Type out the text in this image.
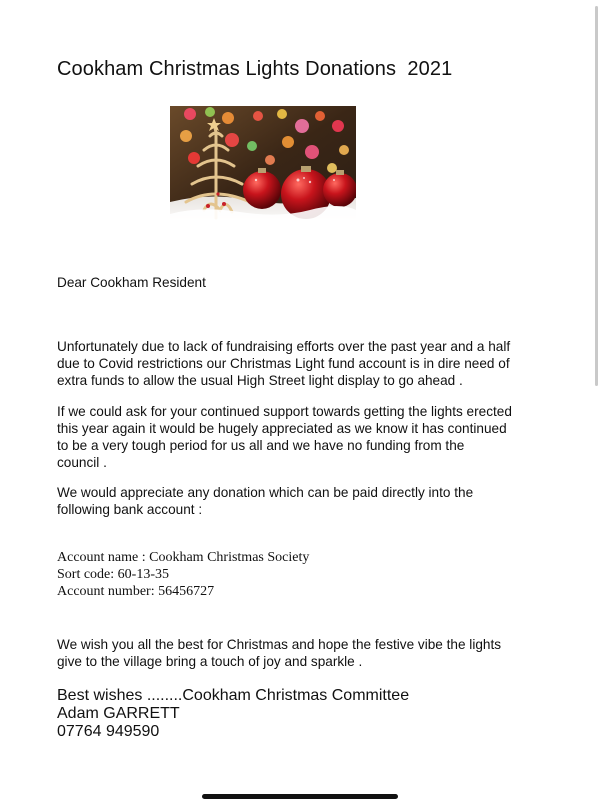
Cookham Christmas Lights Donations  2021

Dear Cookham Resident

Unfortunately due to lack of fundraising efforts over the past year and a half
due to Covid restrictions our Christmas Light fund account is in dire need of
extra funds to allow the usual High Street light display to go ahead .

If we could ask for your continued support towards getting the lights erected
this year again it would be hugely appreciated as we know it has continued
to be a very tough period for us all and we have no funding from the
council .

We would appreciate any donation which can be paid directly into the
following bank account :

Account name : Cookham Christmas Society

Sort code: 60-13-35

Account number: 56456727

We wish you all the best for Christmas and hope the festive vibe the lights
give to the village bring a touch of joy and sparkle .

Best wishes ........Cookham Christmas Committee

Adam GARRETT

07764 949590
